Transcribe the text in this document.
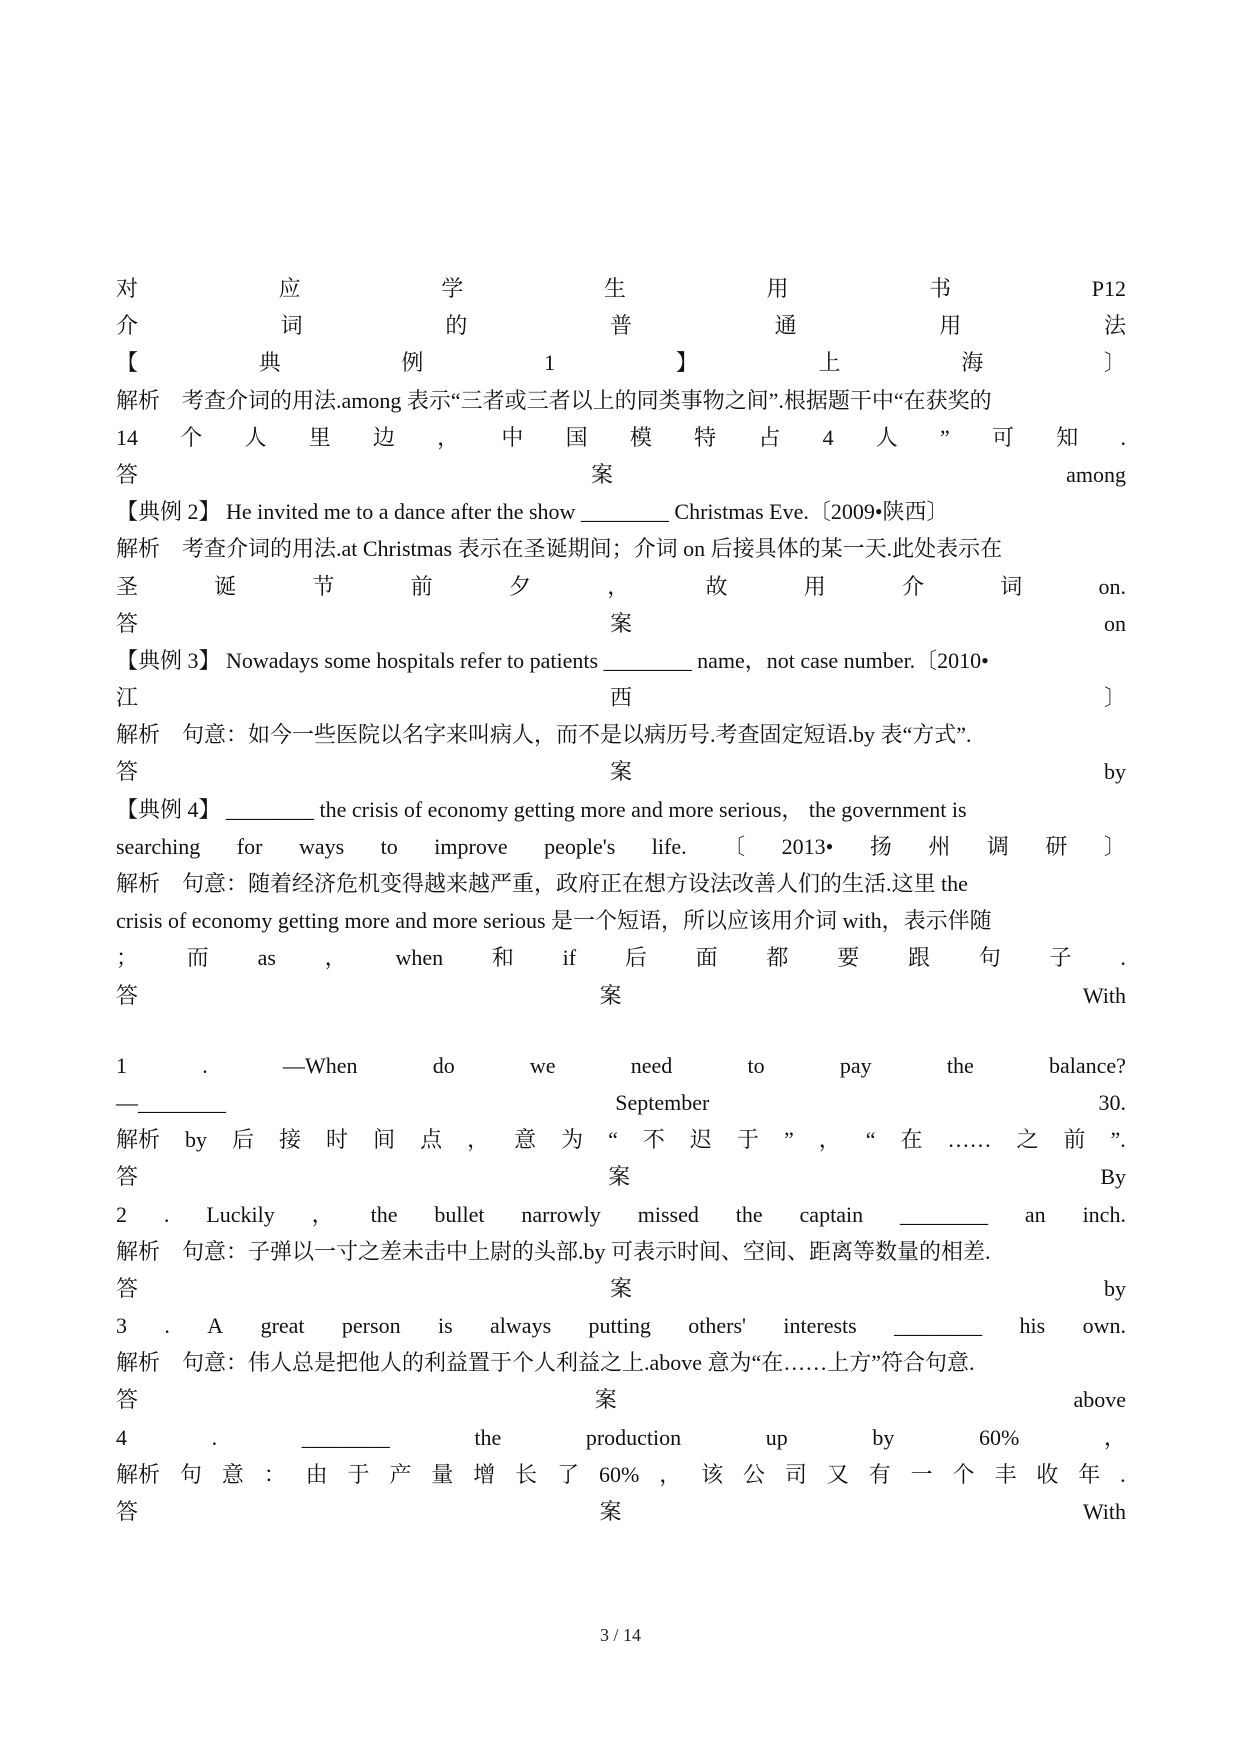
对	应	学	生	用	书	P12
介	词	的	普	通	用	法
【	典	例	1	】	上	海	〕
解析　考查介词的用法.among 表示“三者或三者以上的同类事物之间”.根据题干中“在获奖的
14 个 人 里 边 ， 中 国 模 特 占 4 人 ” 可 知 .
答	案	among
【典例 2】 He invited me to a dance after the show ________ Christmas Eve.〔2009•陕西〕
解析　考查介词的用法.at Christmas 表示在圣诞期间；介词 on 后接具体的某一天.此处表示在
圣	诞	节	前	夕	，	故	用	介	词	on.
答	案	on
【典例 3】 Nowadays some hospitals refer to patients ________ name，not case number.〔2010•
江	西	〕
解析　句意：如今一些医院以名字来叫病人，而不是以病历号.考查固定短语.by 表“方式”.
答	案	by
【典例 4】 ________ the crisis of economy getting more and more serious， the government is
searching for ways to improve people's life. 〔 2013• 扬 州 调 研 〕
解析　句意：随着经济危机变得越来越严重，政府正在想方设法改善人们的生活.这里 the
crisis of economy getting more and more serious 是一个短语，所以应该用介词 with，表示伴随
； 而 as ， when 和 if 后 面 都 要 跟 句 子 .
答	案	With
1	.	—When	do	we	need	to	pay	the	balance?
—________	September	30.
解析 by 后 接 时 间 点 ， 意 为 “ 不 迟 于 ” ， “ 在 …… 之 前 ”.
答	案	By
2 . Luckily ， the bullet narrowly missed the captain ________ an inch.
解析　句意：子弹以一寸之差未击中上尉的头部.by 可表示时间、空间、距离等数量的相差.
答	案	by
3 . A great person is always putting others' interests ________ his own.
解析　句意：伟人总是把他人的利益置于个人利益之上.above 意为“在……上方”符合句意.
答	案	above
4	.	________	the	production	up	by	60%	，
解析 句 意 ： 由 于 产 量 增 长 了 60% ， 该 公 司 又 有 一 个 丰 收 年 .
答	案	With
3 / 14
